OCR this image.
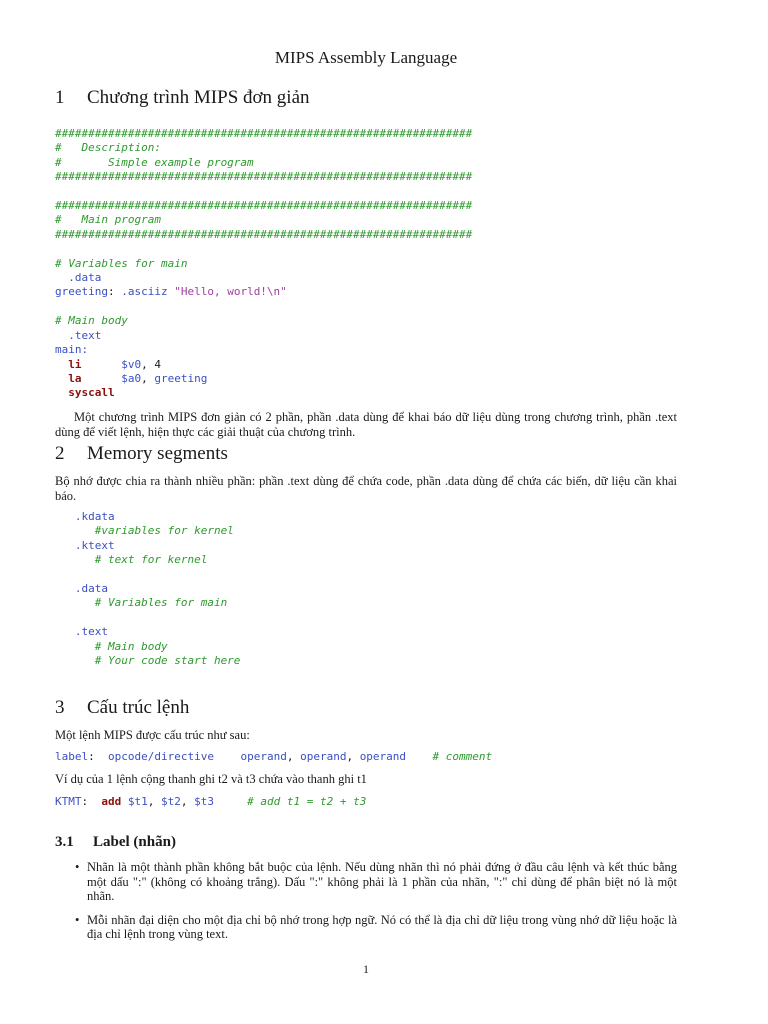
MIPS Assembly Language
1 Chương trình MIPS đơn giản
###############################################################
#   Description:
#       Simple example program
###############################################################

###############################################################
#   Main program
###############################################################

# Variables for main
.data
greeting: .asciiz "Hello, world!\n"

# Main body
.text
main:
li	$v0, 4
la	$a0, greeting
syscall

Một chương trình MIPS đơn giản có 2 phần, phần .data dùng để khai báo dữ liệu dùng trong chương trình, phần .text dùng để viết lệnh, hiện thực các giải thuật của chương trình.

2 Memory segments

Bộ nhớ được chia ra thành nhiều phần: phần .text dùng để chứa code, phần .data dùng để chứa các biến, dữ liệu cần khai báo.

.kdata
#variables for kernel
.ktext
# text for kernel

.data
# Variables for main

.text
# Main body
# Your code start here
3 Cấu trúc lệnh

Một lệnh MIPS được cấu trúc như sau:

label:  opcode/directive operand, operand, operand # comment

Ví dụ của 1 lệnh cộng thanh ghi t2 và t3 chứa vào thanh ghi t1

KTMT:  add $t1, $t2, $t3	# add t1 = t2 + t3
3.1 Label (nhãn)
• Nhãn là một thành phần không bắt buộc của lệnh. Nếu dùng nhãn thì nó phải đứng ở đầu câu lệnh và kết thúc bằng một dấu ":" (không có khoảng trắng). Dấu ":" không phải là 1 phần của nhãn, ":" chỉ dùng để phân biệt nó là một nhãn.
• Mỗi nhãn đại diện cho một địa chỉ bộ nhớ trong hợp ngữ. Nó có thể là địa chỉ dữ liệu trong vùng nhớ dữ liệu hoặc là địa chỉ lệnh trong vùng text.
1
